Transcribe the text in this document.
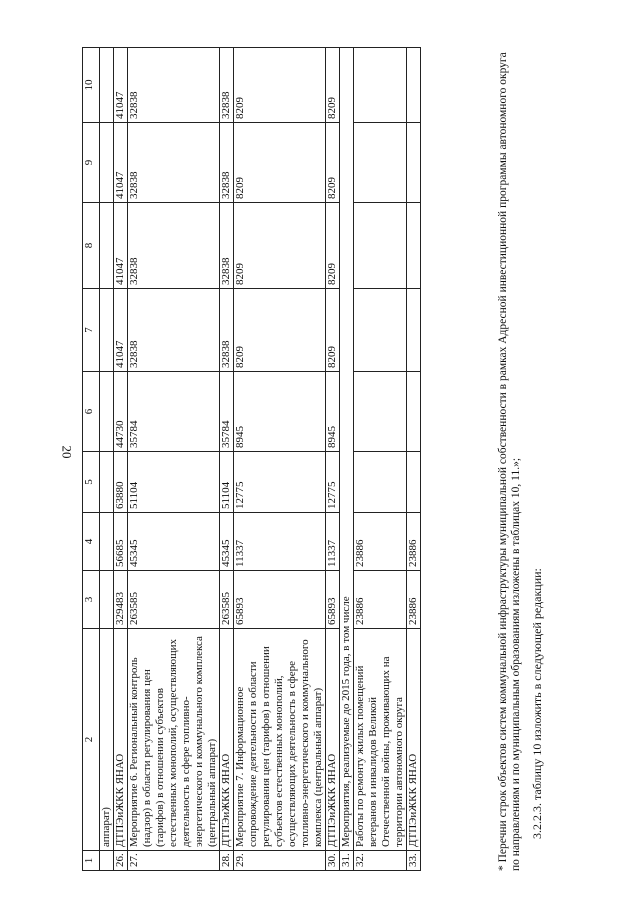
20
1	2	3	4	5	6	7	8	9	10
	аппарат)								
26.	ДТПЭиЖКК ЯНАО	329483	56685	63880	44730	41047	41047	41047	41047
27.	Мероприятие 6. Региональный контроль (надзор) в области регулирования цен (тарифов) в отношении субъектов естественных монополий, осуществляющих деятельность в сфере топливно-энергетического и коммунального комплекса (центральный аппарат)	263585	45345	51104	35784	32838	32838	32838	32838
28.	ДТПЭиЖКК ЯНАО	263585	45345	51104	35784	32838	32838	32838	32838
29.	Мероприятие 7. Информационное сопровождение деятельности в области регулирования цен (тарифов) в отношении субъектов естественных монополий, осуществляющих деятельность в сфере топливно-энергетического и коммунального комплекса (центральный аппарат)	65893	11337	12775	8945	8209	8209	8209	8209
30.	ДТПЭиЖКК ЯНАО	65893	11337	12775	8945	8209	8209	8209	8209
31.	Мероприятия, реализуемые до 2015 года, в том числе								
32.	Работы по ремонту жилых помещений ветеранов и инвалидов Великой Отечественной войны, проживающих на территории автономного округа	23886	23886						
33.	ДТПЭиЖКК ЯНАО	23886	23886							* Перечни строк объектов систем коммунальной инфраструктуры муниципальной собственности в рамках Адресной инвестиционной программы автономного округа по направлениям и по муниципальным образованиям изложены в таблицах 10, 11.»; 3.2.2.3. таблицу 10 изложить в следующей редакции:
